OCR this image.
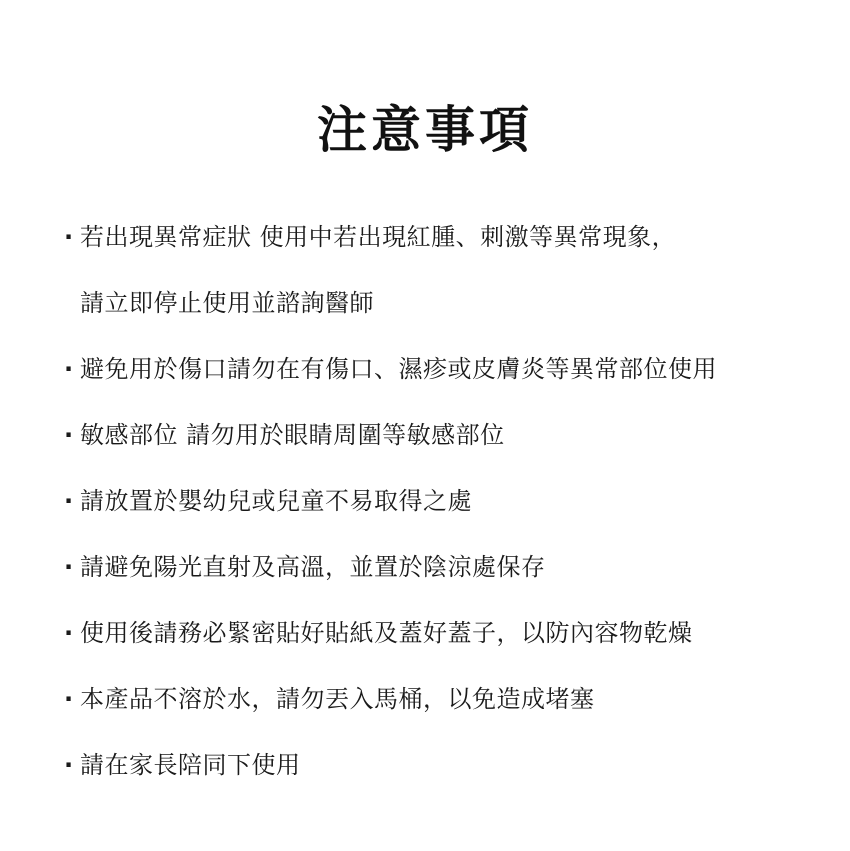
注意事項
· 若出現異常症狀 使用中若出現紅腫、刺激等異常現象，
請立即停止使用並諮詢醫師
· 避免用於傷口請勿在有傷口、濕疹或皮膚炎等異常部位使用
· 敏感部位 請勿用於眼睛周圍等敏感部位
· 請放置於嬰幼兒或兒童不易取得之處
· 請避免陽光直射及高溫，並置於陰涼處保存
· 使用後請務必緊密貼好貼紙及蓋好蓋子，以防內容物乾燥
· 本產品不溶於水，請勿丟入馬桶，以免造成堵塞
· 請在家長陪同下使用
